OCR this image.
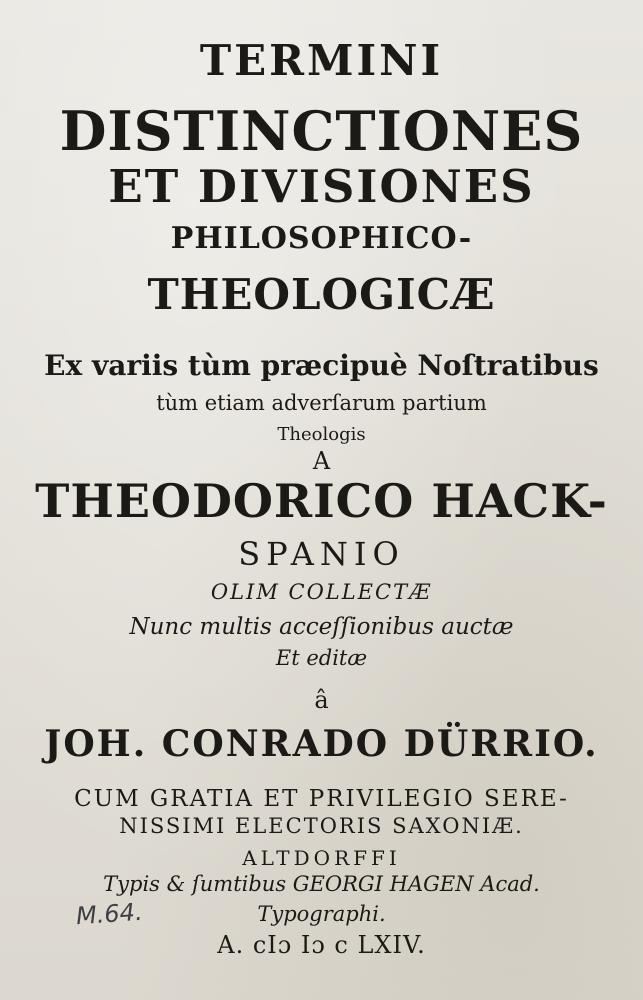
TERMINI
DISTINCTIONES
ET DIVISIONES
PHILOSOPHICO-
THEOLOGICÆ
Ex variis tùm præcipuè Noſtratibus
tùm etiam adverſarum partium
Theologis
A
THEODORICO HACK-
SPANIO
OLIM COLLECTÆ
Nunc multis acceſſionibus auctæ
Et editæ
â
JOH. CONRADO DÜRRIO.
CUM GRATIA ET PRIVILEGIO SERE-
NISSIMI ELECTORIS SAXONIÆ.
ALTDORFFI
Typis & ſumtibus GEORGI HAGEN Acad.
Typographi.
A. cIɔ Iɔ c LXIV.
M.64.
